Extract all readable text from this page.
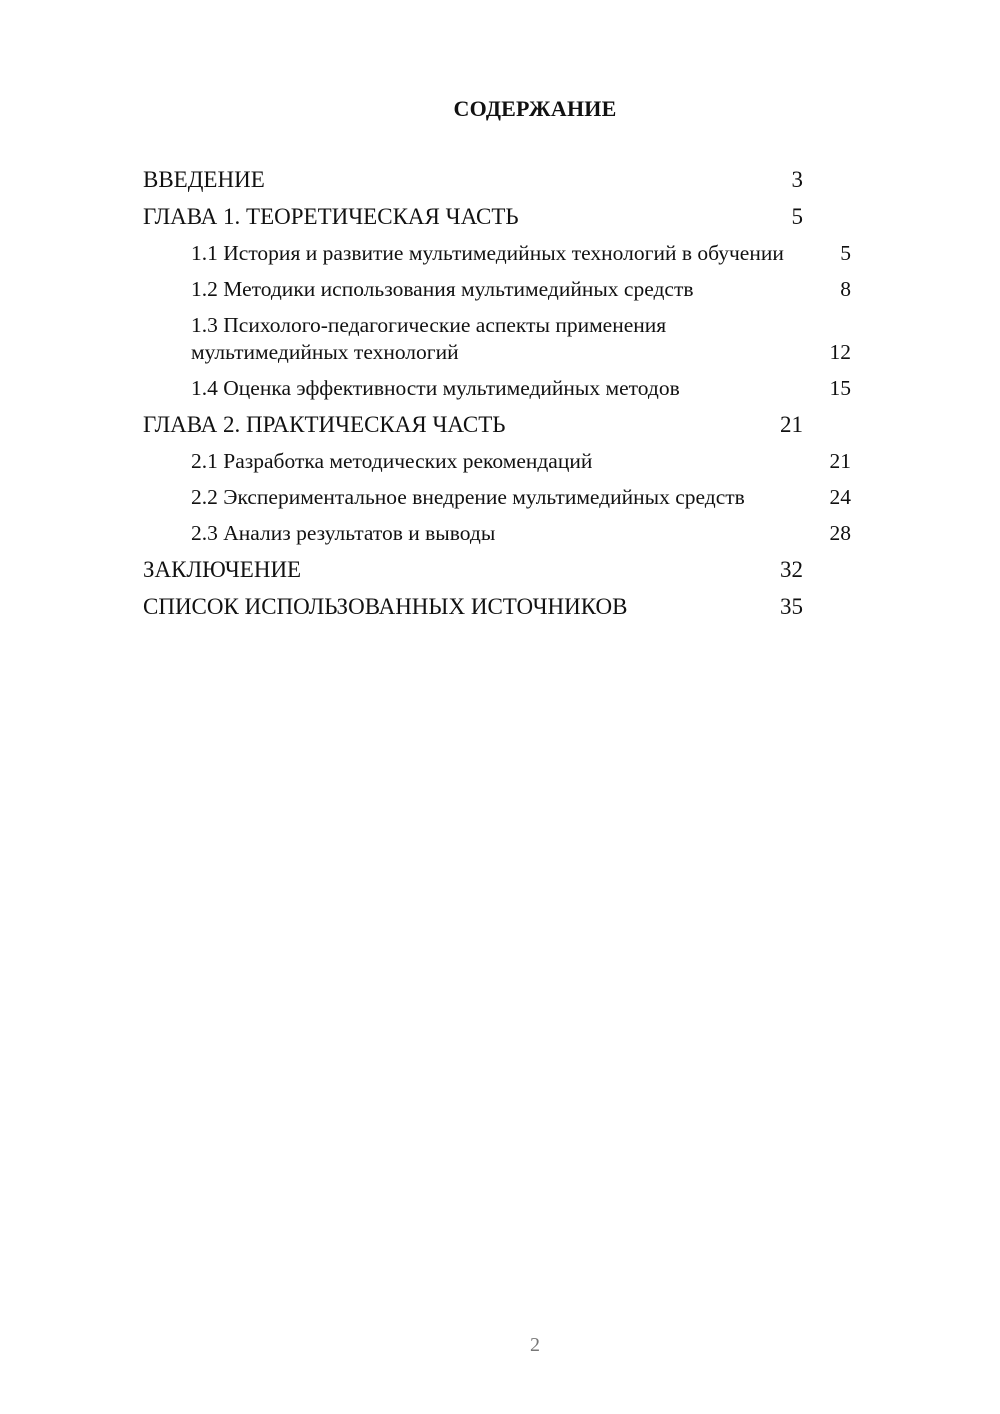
СОДЕРЖАНИЕ
ВВЕДЕНИЕ	3
ГЛАВА 1. ТЕОРЕТИЧЕСКАЯ ЧАСТЬ	5
1.1 История и развитие мультимедийных технологий в обучении	5
1.2 Методики использования мультимедийных средств	8
1.3 Психолого-педагогические аспекты применения мультимедийных технологий	12
1.4 Оценка эффективности мультимедийных методов	15
ГЛАВА 2. ПРАКТИЧЕСКАЯ ЧАСТЬ	21
2.1 Разработка методических рекомендаций	21
2.2 Экспериментальное внедрение мультимедийных средств	24
2.3 Анализ результатов и выводы	28
ЗАКЛЮЧЕНИЕ	32
СПИСОК ИСПОЛЬЗОВАННЫХ ИСТОЧНИКОВ	35
2
